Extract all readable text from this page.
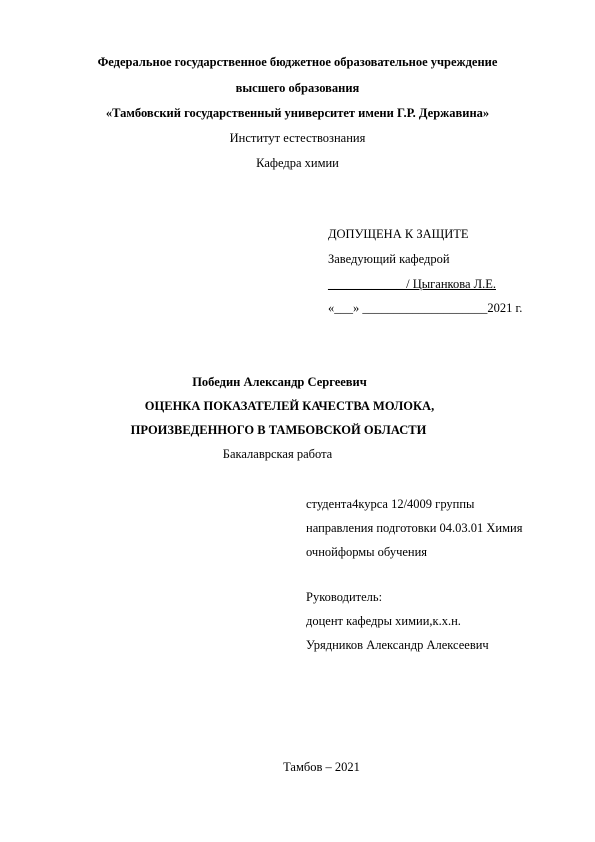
Федеральное государственное бюджетное образовательное учреждение
высшего образования
«Тамбовский государственный университет имени Г.Р. Державина»
Институт естествознания
Кафедра химии
ДОПУЩЕНА К ЗАЩИТЕ
Заведующий кафедрой
____________ / Цыганкова Л.Е.
«___» ____________________2021 г.
Победин Александр Сергеевич
ОЦЕНКА ПОКАЗАТЕЛЕЙ КАЧЕСТВА МОЛОКА,
ПРОИЗВЕДЕННОГО В ТАМБОВСКОЙ ОБЛАСТИ
Бакалаврская работа
студента4курса 12/4009 группы
направления подготовки 04.03.01 Химия
очнойформы обучения
Руководитель:
доцент кафедры химии,к.х.н.
Урядников Александр Алексеевич
Тамбов – 2021
